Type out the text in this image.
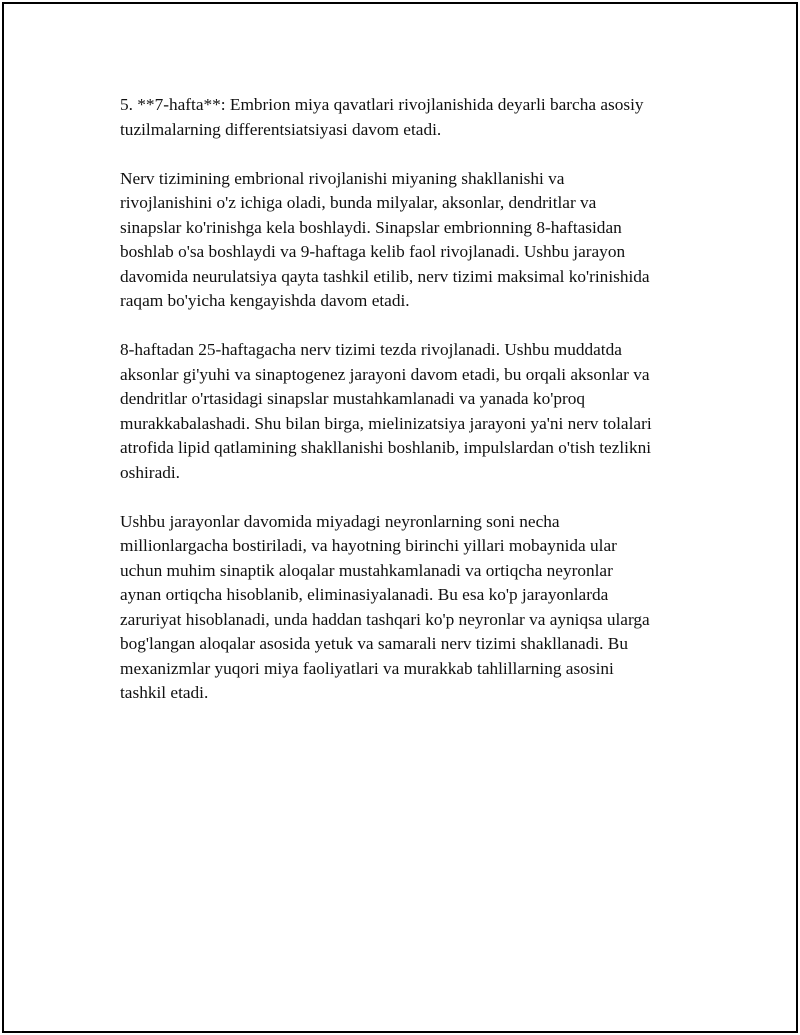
5. **7-hafta**: Embrion miya qavatlari rivojlanishida deyarli barcha asosiy
tuzilmalarning differentsiatsiyasi davom etadi.

Nerv tizimining embrional rivojlanishi miyaning shakllanishi va
rivojlanishini o'z ichiga oladi, bunda milyalar, aksonlar, dendritlar va
sinapslar ko'rinishga kela boshlaydi. Sinapslar embrionning 8-haftasidan
boshlab o'sa boshlaydi va 9-haftaga kelib faol rivojlanadi. Ushbu jarayon
davomida neurulatsiya qayta tashkil etilib, nerv tizimi maksimal ko'rinishida
raqam bo'yicha kengayishda davom etadi.

8-haftadan 25-haftagacha nerv tizimi tezda rivojlanadi. Ushbu muddatda
aksonlar gi'yuhi va sinaptogenez jarayoni davom etadi, bu orqali aksonlar va
dendritlar o'rtasidagi sinapslar mustahkamlanadi va yanada ko'proq
murakkabalashadi. Shu bilan birga, mielinizatsiya jarayoni ya'ni nerv tolalari
atrofida lipid qatlamining shakllanishi boshlanib, impulslardan o'tish tezlikni
oshiradi.

Ushbu jarayonlar davomida miyadagi neyronlarning soni necha
millionlargacha bostiriladi, va hayotning birinchi yillari mobaynida ular
uchun muhim sinaptik aloqalar mustahkamlanadi va ortiqcha neyronlar
aynan ortiqcha hisoblanib, eliminasiyalanadi. Bu esa ko'p jarayonlarda
zaruriyat hisoblanadi, unda haddan tashqari ko'p neyronlar va ayniqsa ularga
bog'langan aloqalar asosida yetuk va samarali nerv tizimi shakllanadi. Bu
mexanizmlar yuqori miya faoliyatlari va murakkab tahlillarning asosini
tashkil etadi.
